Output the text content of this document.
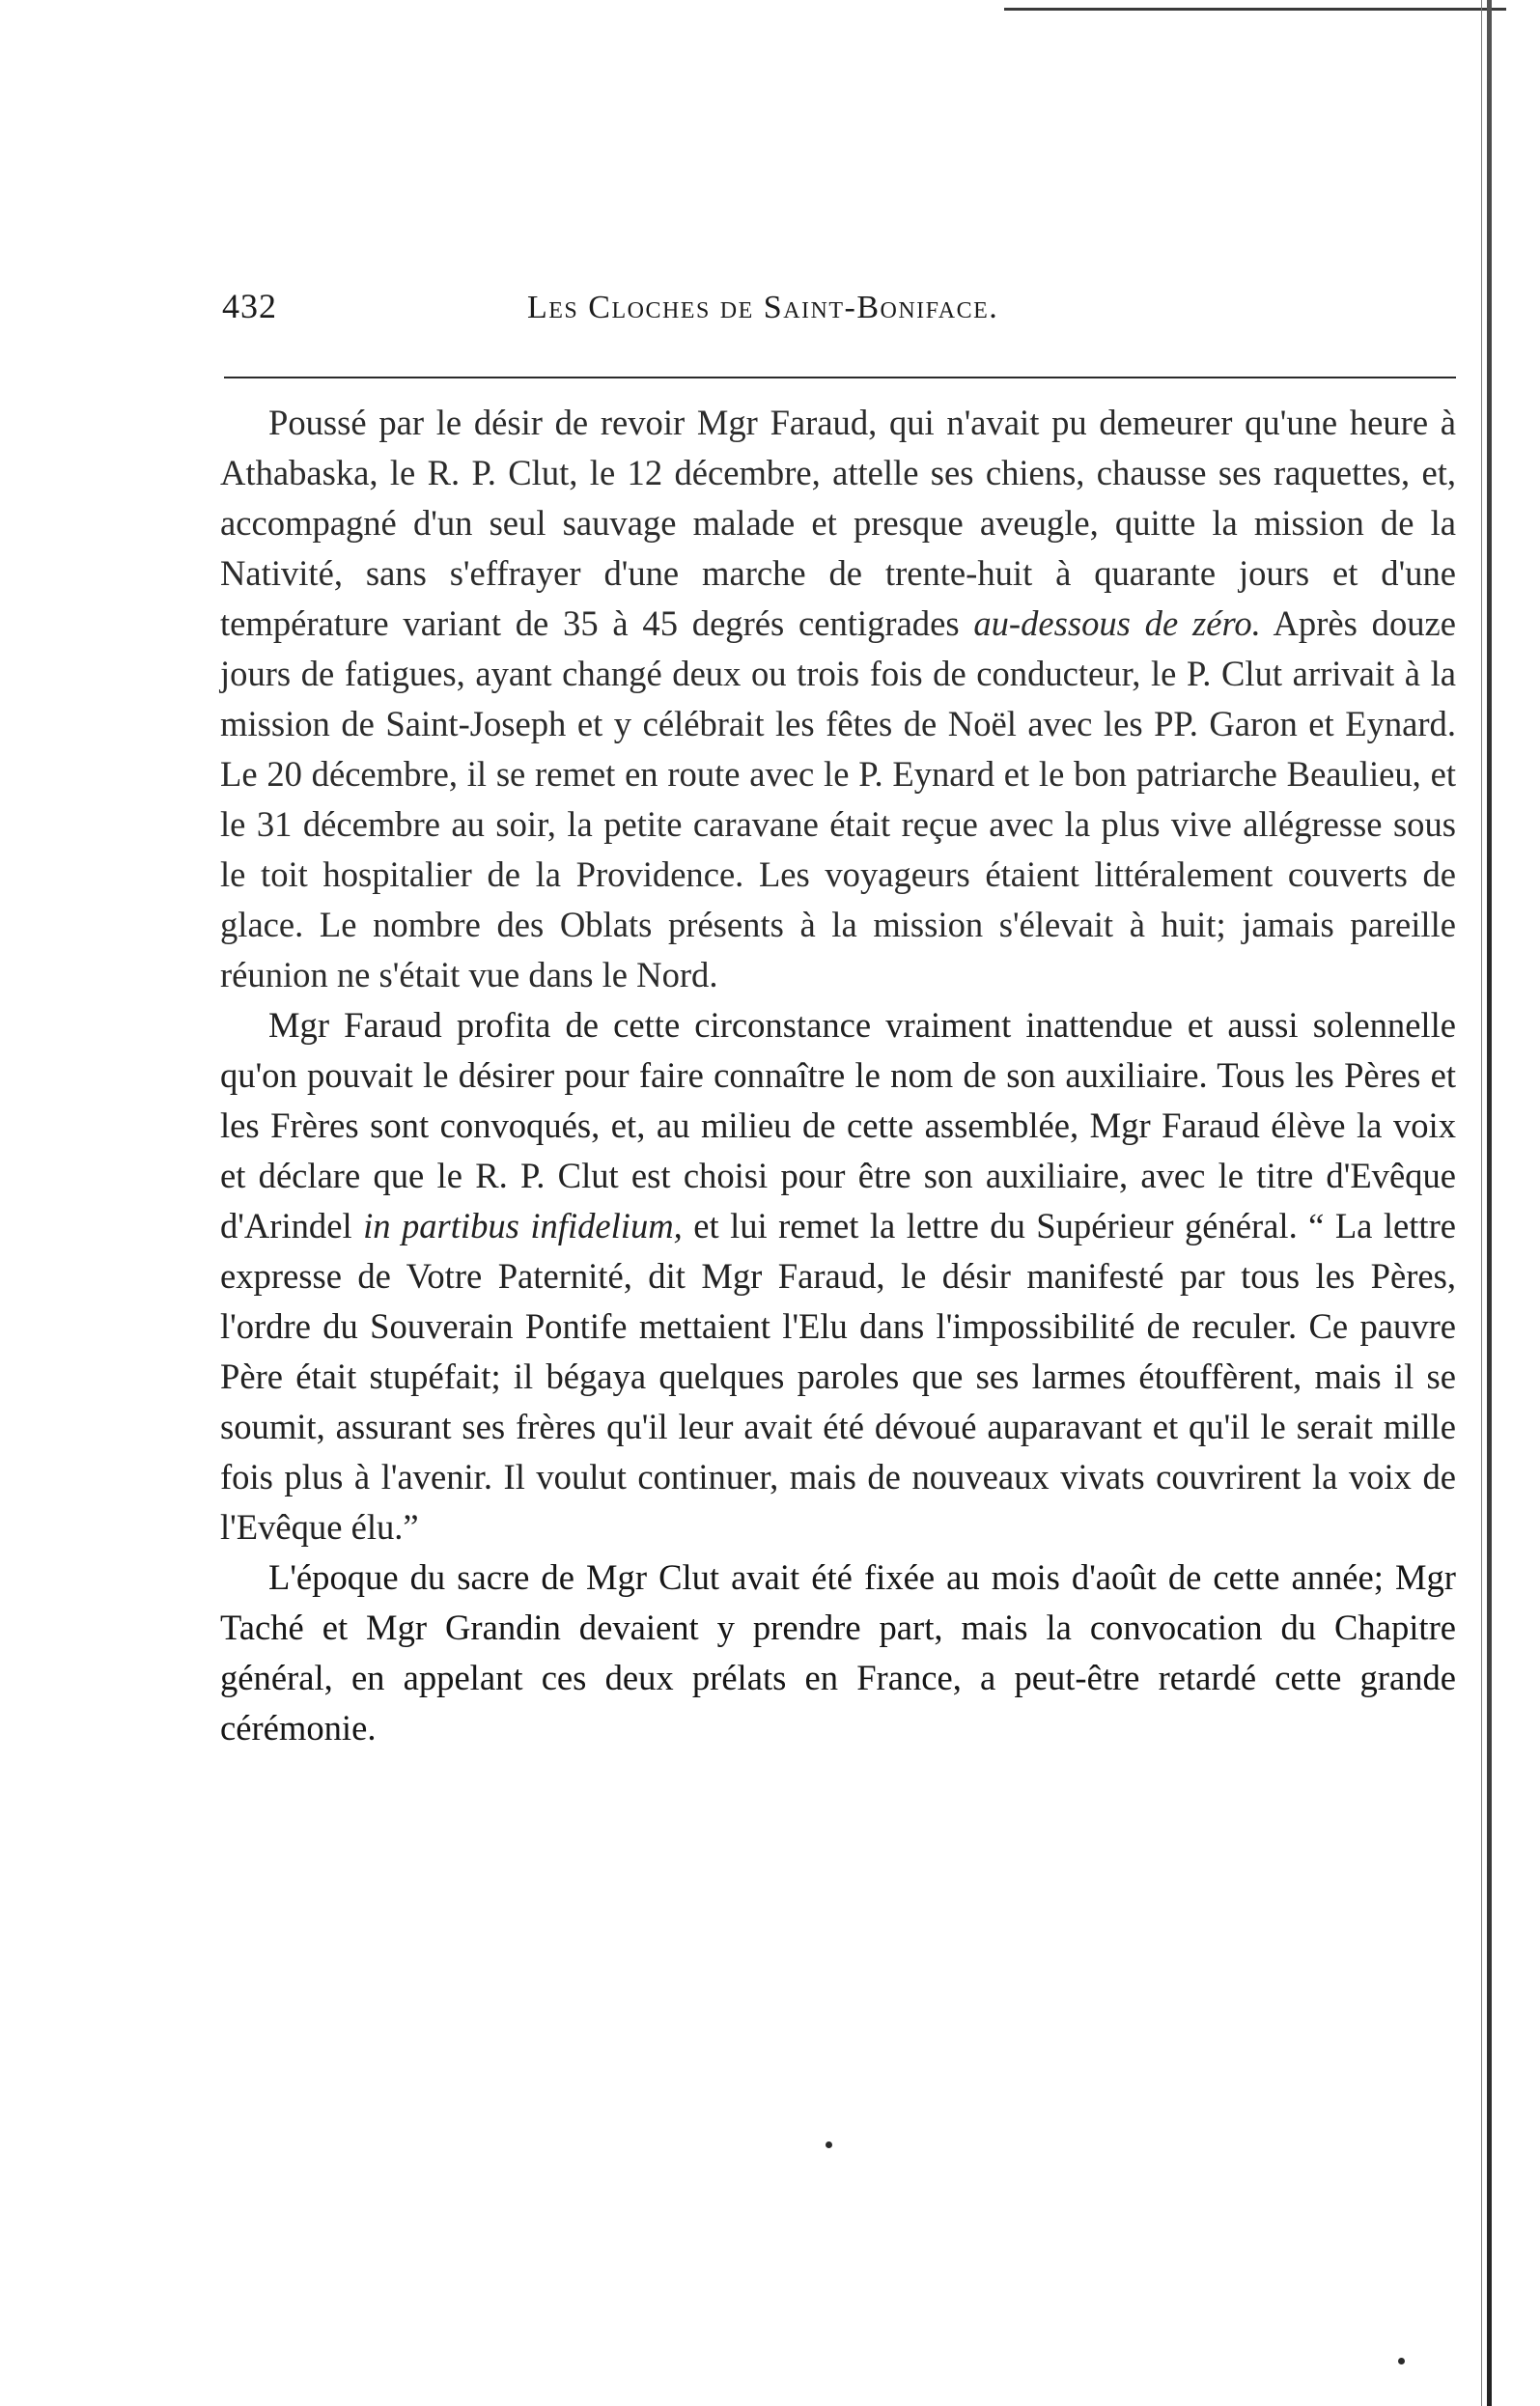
432	Les Cloches de Saint-Boniface.

Poussé par le désir de revoir Mgr Faraud, qui n'avait pu demeurer qu'une heure à Athabaska, le R. P. Clut, le 12 décembre, attelle ses chiens, chausse ses raquettes, et, accompagné d'un seul sauvage malade et presque aveugle, quitte la mission de la Nativité, sans s'effrayer d'une marche de trente-huit à quarante jours et d'une température variant de 35 à 45 degrés centigrades au-dessous de zéro. Après douze jours de fatigues, ayant changé deux ou trois fois de conducteur, le P. Clut arrivait à la mission de Saint-Joseph et y célébrait les fêtes de Noël avec les PP. Garon et Eynard. Le 20 décembre, il se remet en route avec le P. Eynard et le bon patriarche Beaulieu, et le 31 décembre au soir, la petite caravane était reçue avec la plus vive allégresse sous le toit hospitalier de la Providence. Les voyageurs étaient littéralement couverts de glace. Le nombre des Oblats présents à la mission s'élevait à huit; jamais pareille réunion ne s'était vue dans le Nord.

Mgr Faraud profita de cette circonstance vraiment inattendue et aussi solennelle qu'on pouvait le désirer pour faire connaître le nom de son auxiliaire. Tous les Pères et les Frères sont convoqués, et, au milieu de cette assemblée, Mgr Faraud élève la voix et déclare que le R. P. Clut est choisi pour être son auxiliaire, avec le titre d'Evêque d'Arindel in partibus infidelium, et lui remet la lettre du Supérieur général. “ La lettre expresse de Votre Paternité, dit Mgr Faraud, le désir manifesté par tous les Pères, l'ordre du Souverain Pontife mettaient l'Elu dans l'impossibilité de reculer. Ce pauvre Père était stupéfait; il bégaya quelques paroles que ses larmes étouffèrent, mais il se soumit, assurant ses frères qu'il leur avait été dévoué auparavant et qu'il le serait mille fois plus à l'avenir. Il voulut continuer, mais de nouveaux vivats couvrirent la voix de l'Evêque élu.”

L'époque du sacre de Mgr Clut avait été fixée au mois d'août de cette année; Mgr Taché et Mgr Grandin devaient y prendre part, mais la convocation du Chapitre général, en appelant ces deux prélats en France, a peut-être retardé cette grande cérémonie.
